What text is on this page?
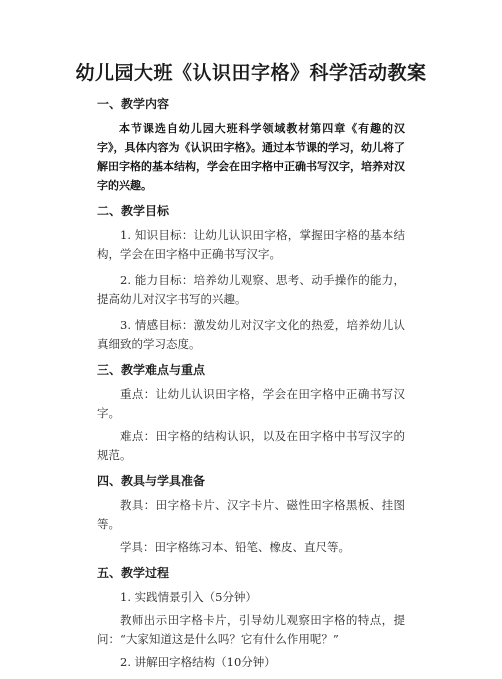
幼儿园大班《认识田字格》科学活动教案
一、教学内容

本节课选自幼儿园大班科学领域教材第四章《有趣的汉字》，具体内容为《认识田字格》。通过本节课的学习，幼儿将了解田字格的基本结构，学会在田字格中正确书写汉字，培养对汉字的兴趣。

二、教学目标

1. 知识目标：让幼儿认识田字格，掌握田字格的基本结构，学会在田字格中正确书写汉字。

2. 能力目标：培养幼儿观察、思考、动手操作的能力，提高幼儿对汉字书写的兴趣。

3. 情感目标：激发幼儿对汉字文化的热爱，培养幼儿认真细致的学习态度。

三、教学难点与重点

重点：让幼儿认识田字格，学会在田字格中正确书写汉字。

难点：田字格的结构认识，以及在田字格中书写汉字的规范。

四、教具与学具准备

教具：田字格卡片、汉字卡片、磁性田字格黑板、挂图等。

学具：田字格练习本、铅笔、橡皮、直尺等。

五、教学过程

1. 实践情景引入（5分钟）

教师出示田字格卡片，引导幼儿观察田字格的特点，提问：“大家知道这是什么吗？它有什么作用呢？”

2. 讲解田字格结构（10分钟）
